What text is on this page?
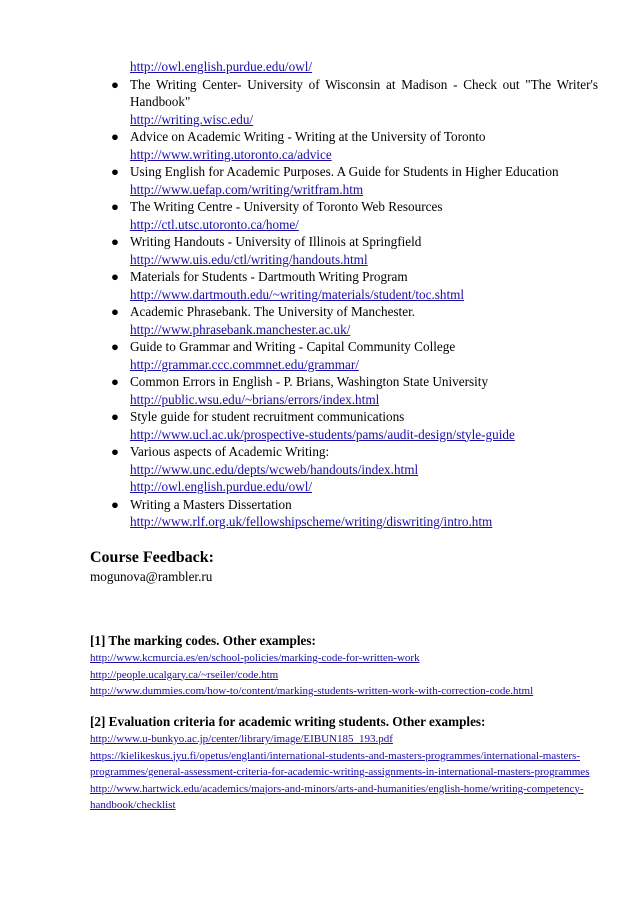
http://owl.english.purdue.edu/owl/
● The Writing Center- University of Wisconsin at Madison - Check out "The Writer's Handbook"
http://writing.wisc.edu/
● Advice on Academic Writing - Writing at the University of Toronto
http://www.writing.utoronto.ca/advice
● Using English for Academic Purposes. A Guide for Students in Higher Education
http://www.uefap.com/writing/writfram.htm
● The Writing Centre - University of Toronto Web Resources
http://ctl.utsc.utoronto.ca/home/
● Writing Handouts - University of Illinois at Springfield
http://www.uis.edu/ctl/writing/handouts.html
● Materials for Students - Dartmouth Writing Program
http://www.dartmouth.edu/~writing/materials/student/toc.shtml
● Academic Phrasebank. The University of Manchester.
http://www.phrasebank.manchester.ac.uk/
● Guide to Grammar and Writing - Capital Community College
http://grammar.ccc.commnet.edu/grammar/
● Common Errors in English - P. Brians, Washington State University
http://public.wsu.edu/~brians/errors/index.html
● Style guide for student recruitment communications
http://www.ucl.ac.uk/prospective-students/pams/audit-design/style-guide
● Various aspects of Academic Writing:
http://www.unc.edu/depts/wcweb/handouts/index.html
http://owl.english.purdue.edu/owl/
● Writing a Masters Dissertation
http://www.rlf.org.uk/fellowshipscheme/writing/diswriting/intro.htm
Course Feedback:
mogunova@rambler.ru
[1] The marking codes. Other examples:
http://www.kcmurcia.es/en/school-policies/marking-code-for-written-work
http://people.ucalgary.ca/~rseiler/code.htm
http://www.dummies.com/how-to/content/marking-students-written-work-with-correction-code.html
[2] Evaluation criteria for academic writing students. Other examples:
http://www.u-bunkyo.ac.jp/center/library/image/EIBUN185_193.pdf
https://kielikeskus.jyu.fi/opetus/englanti/international-students-and-masters-programmes/international-masters-programmes/general-assessment-criteria-for-academic-writing-assignments-in-international-masters-programmes
http://www.hartwick.edu/academics/majors-and-minors/arts-and-humanities/english-home/writing-competency-handbook/checklist
